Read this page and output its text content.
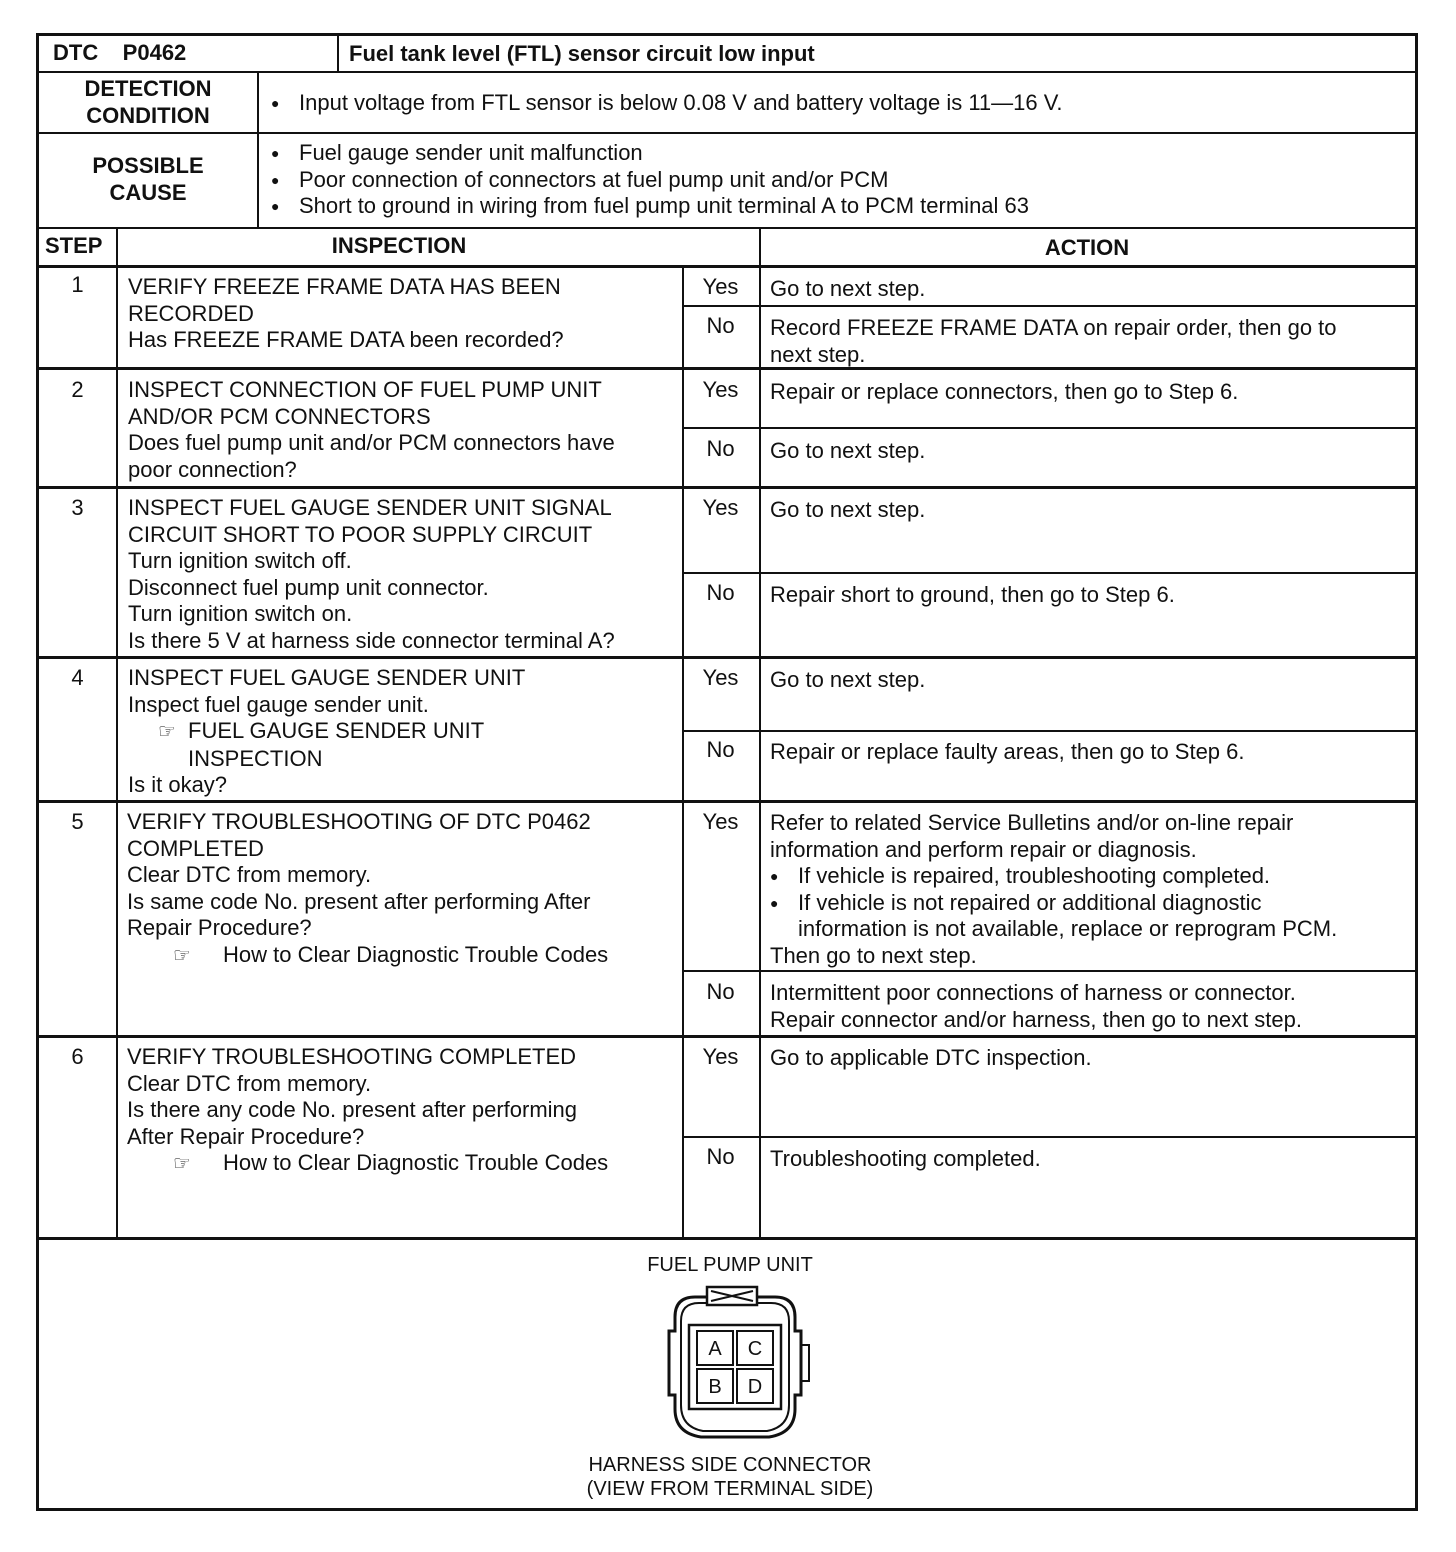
DTC P0462	Fuel tank level (FTL) sensor circuit low input
DETECTION
CONDITION
●	Input voltage from FTL sensor is below 0.08 V and battery voltage is 11—16 V.
POSSIBLE
CAUSE
● Fuel gauge sender unit malfunction
● Poor connection of connectors at fuel pump unit and/or PCM
● Short to ground in wiring from fuel pump unit terminal A to PCM terminal 63
STEP	INSPECTION	ACTION
1	VERIFY FREEZE FRAME DATA HAS BEEN
RECORDED
Has FREEZE FRAME DATA been recorded?
Yes	Go to next step.
No	Record FREEZE FRAME DATA on repair order, then go to
next step.
2	INSPECT CONNECTION OF FUEL PUMP UNIT
AND/OR PCM CONNECTORS
Does fuel pump unit and/or PCM connectors have
poor connection?
Yes	Repair or replace connectors, then go to Step 6.
No	Go to next step.
3	INSPECT FUEL GAUGE SENDER UNIT SIGNAL
CIRCUIT SHORT TO POOR SUPPLY CIRCUIT
Turn ignition switch off.
Disconnect fuel pump unit connector.
Turn ignition switch on.
Is there 5 V at harness side connector terminal A?
Yes	Go to next step.
No	Repair short to ground, then go to Step 6.
4	INSPECT FUEL GAUGE SENDER UNIT
Inspect fuel gauge sender unit.
☞ FUEL GAUGE SENDER UNIT
INSPECTION
Is it okay?
Yes	Go to next step.
No	Repair or replace faulty areas, then go to Step 6.
5	VERIFY TROUBLESHOOTING OF DTC P0462
COMPLETED
Clear DTC from memory.
Is same code No. present after performing After
Repair Procedure?
☞ How to Clear Diagnostic Trouble Codes
Yes	Refer to related Service Bulletins and/or on-line repair
information and perform repair or diagnosis.
● If vehicle is repaired, troubleshooting completed.
● If vehicle is not repaired or additional diagnostic
information is not available, replace or reprogram PCM.
Then go to next step.
No	Intermittent poor connections of harness or connector.
Repair connector and/or harness, then go to next step.
6	VERIFY TROUBLESHOOTING COMPLETED
Clear DTC from memory.
Is there any code No. present after performing
After Repair Procedure?
☞ How to Clear Diagnostic Trouble Codes
Yes	Go to applicable DTC inspection.
No	Troubleshooting completed.
FUEL PUMP UNIT
A C
B D
HARNESS SIDE CONNECTOR
(VIEW FROM TERMINAL SIDE)
